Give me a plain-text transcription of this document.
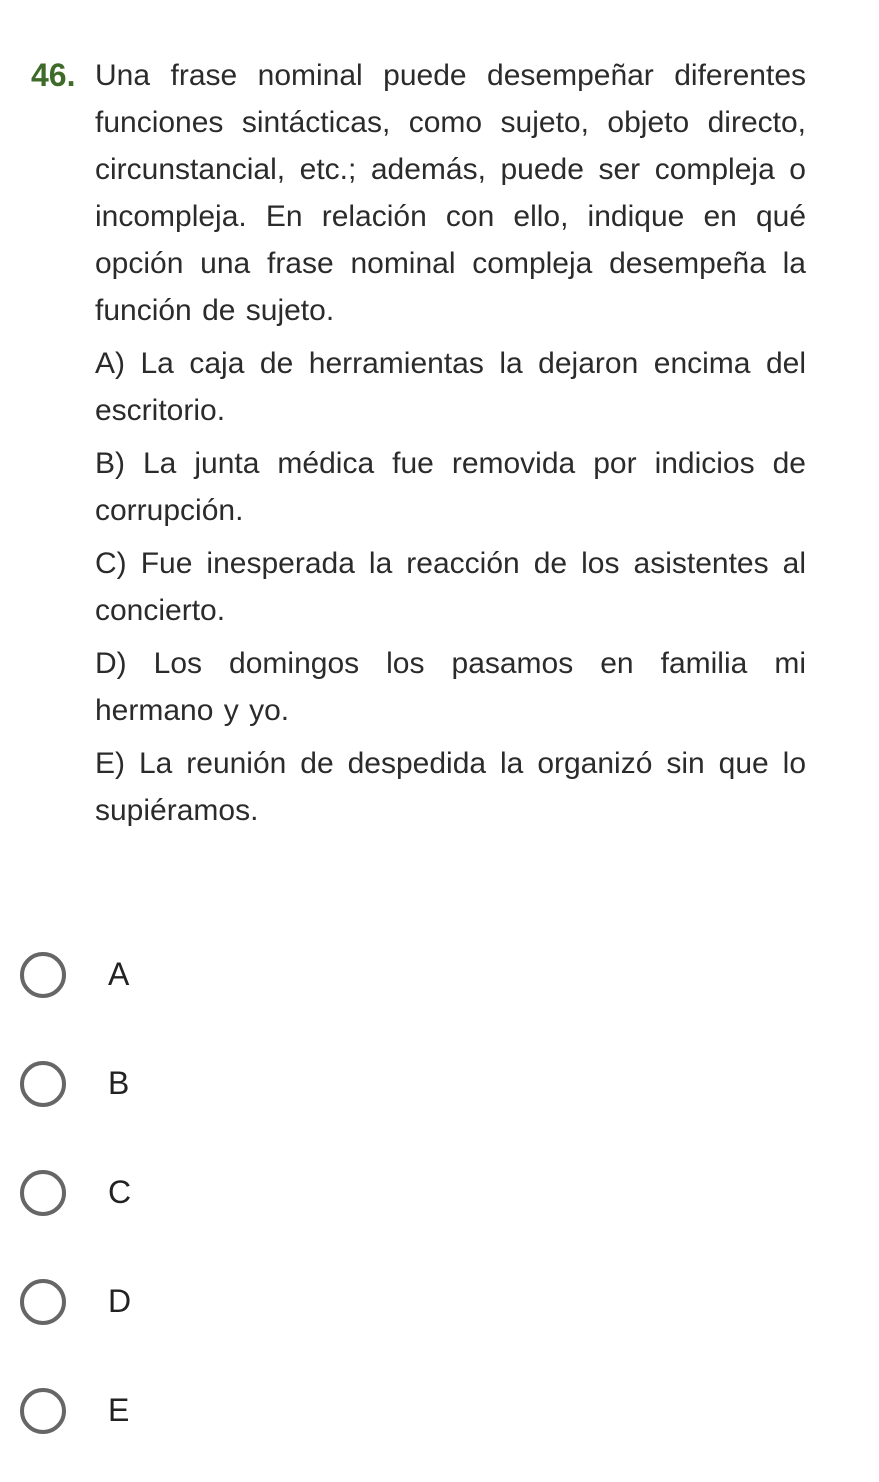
46. Una frase nominal puede desempeñar diferentes funciones sintácticas, como sujeto, objeto directo, circunstancial, etc.; además, puede ser compleja o incompleja. En relación con ello, indique en qué opción una frase nominal compleja desempeña la función de sujeto.

A) La caja de herramientas la dejaron encima del escritorio.

B) La junta médica fue removida por indicios de corrupción.

C) Fue inesperada la reacción de los asistentes al concierto.

D) Los domingos los pasamos en familia mi hermano y yo.

E) La reunión de despedida la organizó sin que lo supiéramos.

A
B
C
D
E
